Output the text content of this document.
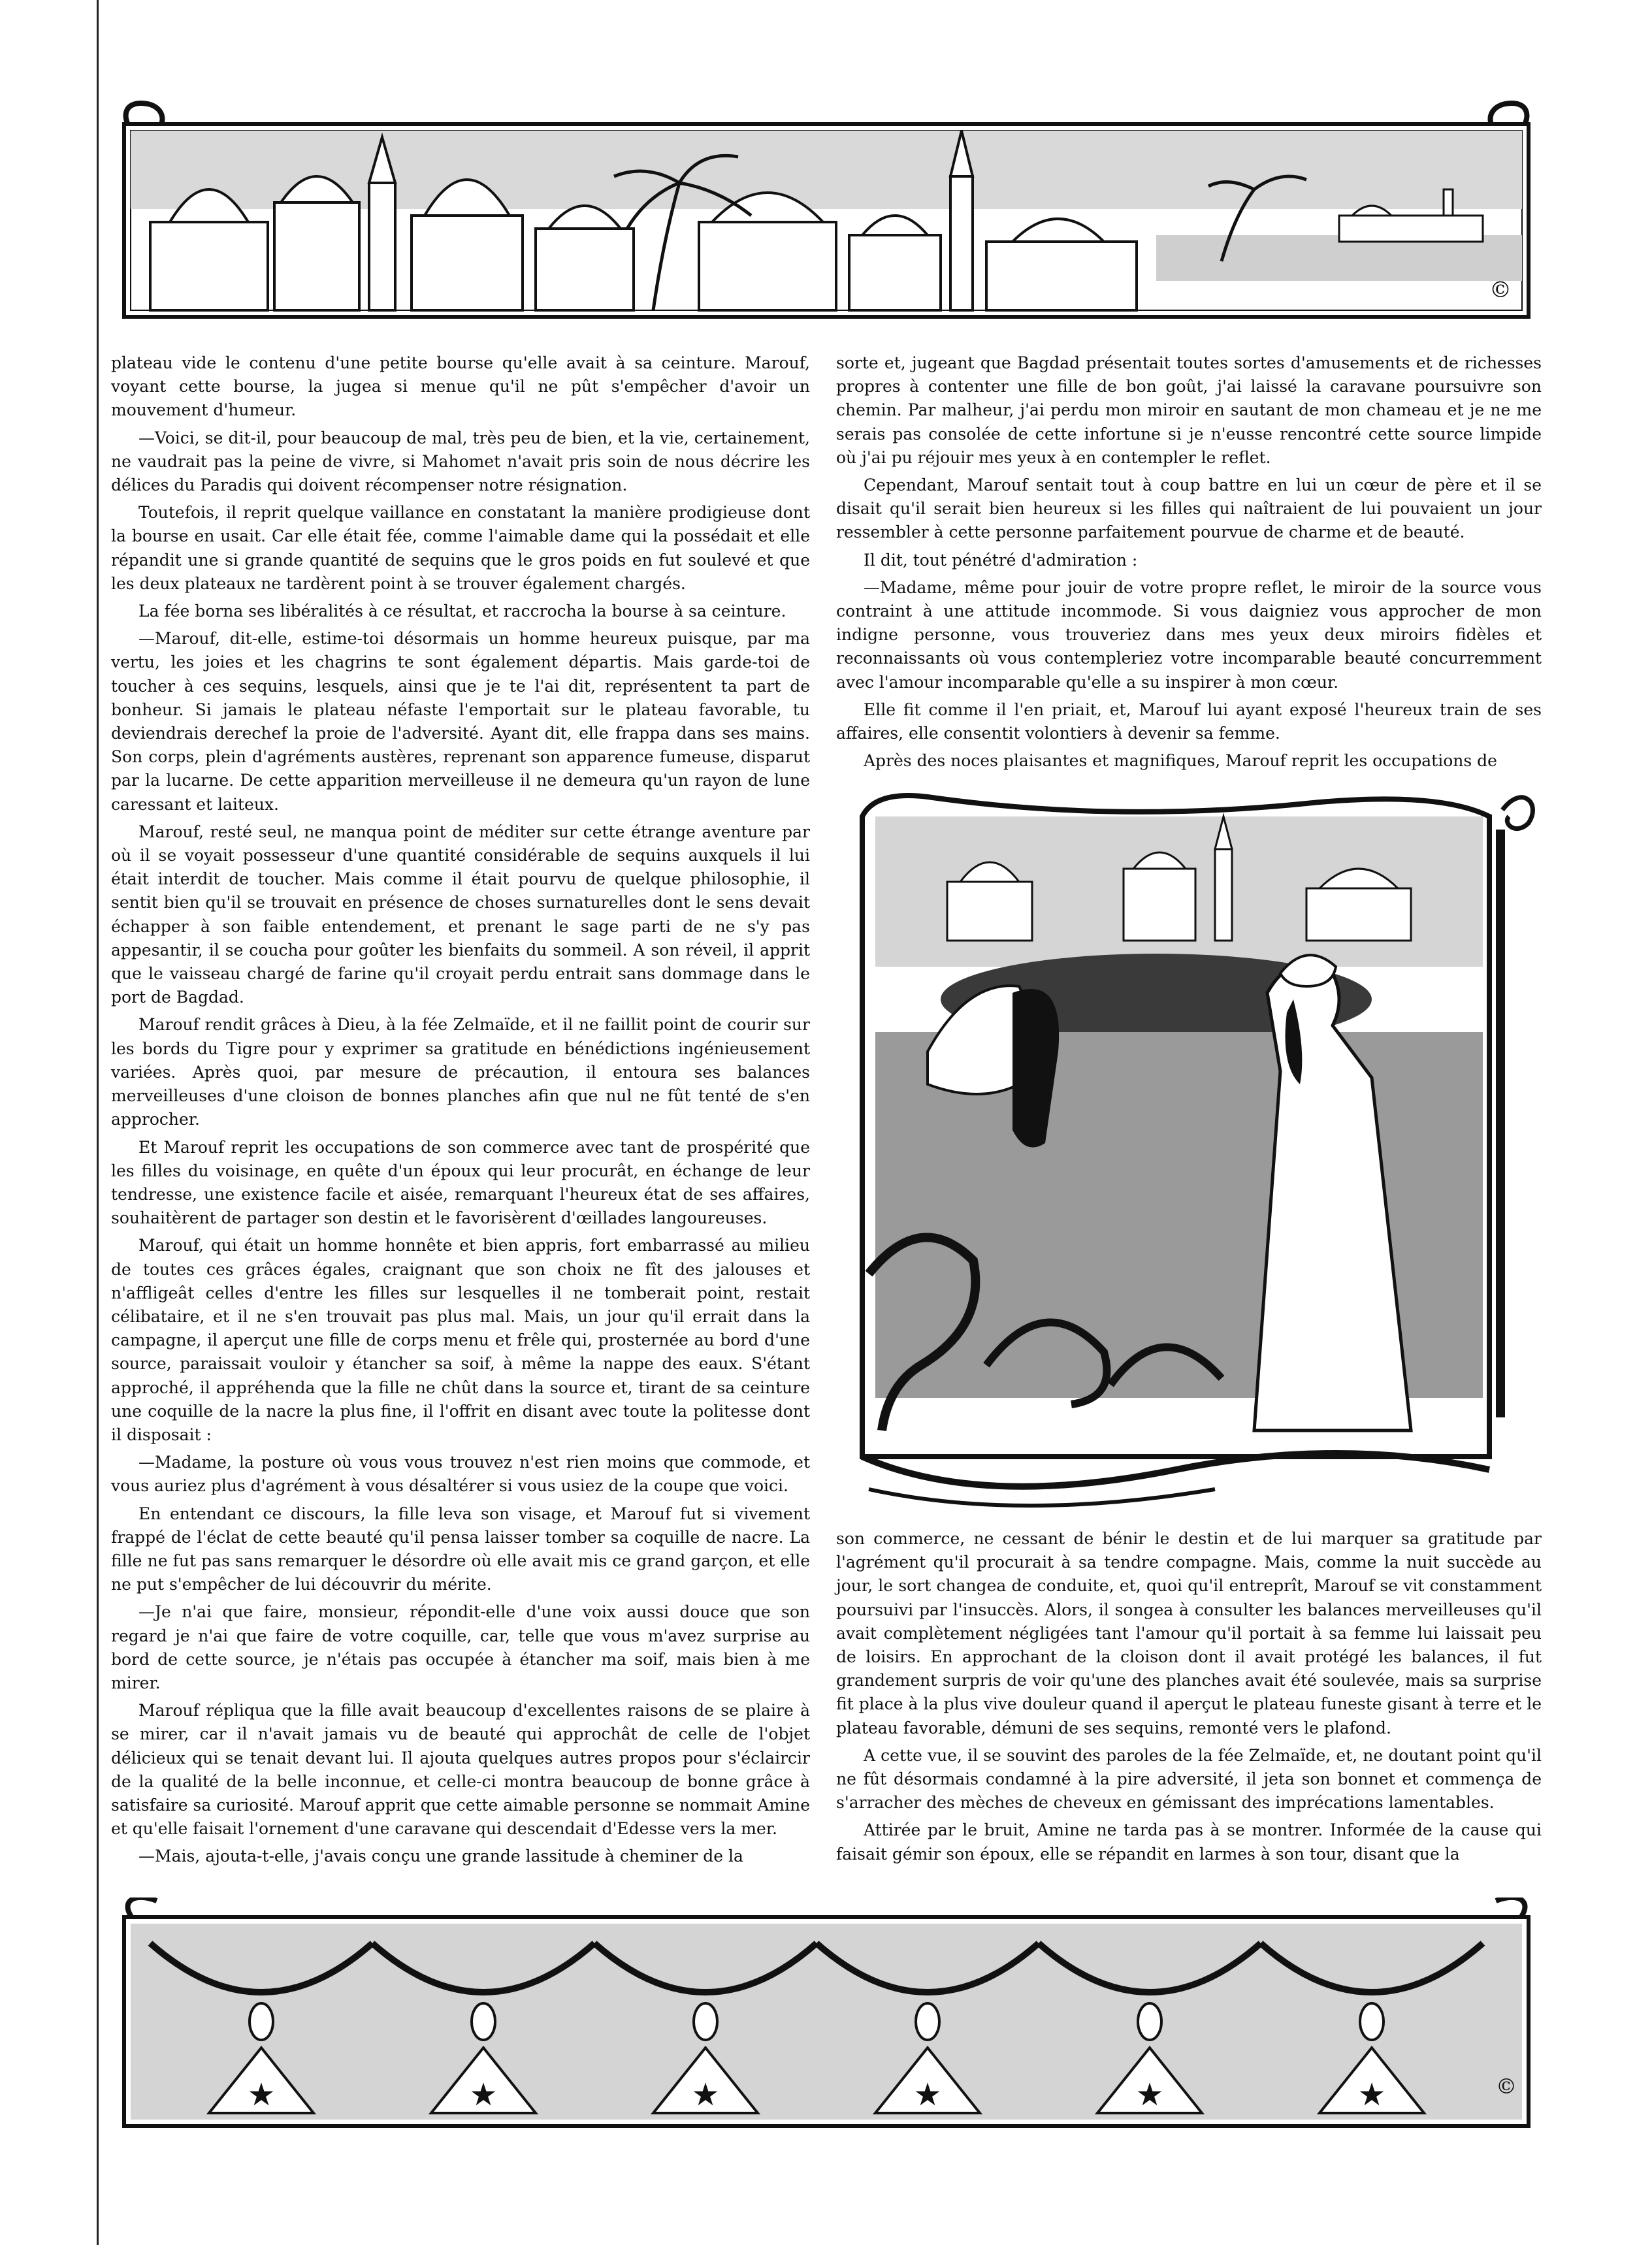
©

plateau vide le contenu d'une petite bourse qu'elle avait à sa ceinture. Marouf, voyant cette bourse, la jugea si menue qu'il ne pût s'empêcher d'avoir un mouvement d'humeur.

—Voici, se dit-il, pour beaucoup de mal, très peu de bien, et la vie, certainement, ne vaudrait pas la peine de vivre, si Mahomet n'avait pris soin de nous décrire les délices du Paradis qui doivent récompenser notre résignation.

Toutefois, il reprit quelque vaillance en constatant la manière prodigieuse dont la bourse en usait. Car elle était fée, comme l'aimable dame qui la possédait et elle répandit une si grande quantité de sequins que le gros poids en fut soulevé et que les deux plateaux ne tardèrent point à se trouver également chargés.

La fée borna ses libéralités à ce résultat, et raccrocha la bourse à sa ceinture.

—Marouf, dit-elle, estime-toi désormais un homme heureux puisque, par ma vertu, les joies et les chagrins te sont également départis. Mais garde-toi de toucher à ces sequins, lesquels, ainsi que je te l'ai dit, représentent ta part de bonheur. Si jamais le plateau néfaste l'emportait sur le plateau favorable, tu deviendrais derechef la proie de l'adversité. Ayant dit, elle frappa dans ses mains. Son corps, plein d'agréments austères, reprenant son apparence fumeuse, disparut par la lucarne. De cette apparition merveilleuse il ne demeura qu'un rayon de lune caressant et laiteux.

Marouf, resté seul, ne manqua point de méditer sur cette étrange aventure par où il se voyait possesseur d'une quantité considérable de sequins auxquels il lui était interdit de toucher. Mais comme il était pourvu de quelque philosophie, il sentit bien qu'il se trouvait en présence de choses surnaturelles dont le sens devait échapper à son faible entendement, et prenant le sage parti de ne s'y pas appesantir, il se coucha pour goûter les bienfaits du sommeil. A son réveil, il apprit que le vaisseau chargé de farine qu'il croyait perdu entrait sans dommage dans le port de Bagdad.

Marouf rendit grâces à Dieu, à la fée Zelmaïde, et il ne faillit point de courir sur les bords du Tigre pour y exprimer sa gratitude en bénédictions ingénieusement variées. Après quoi, par mesure de précaution, il entoura ses balances merveilleuses d'une cloison de bonnes planches afin que nul ne fût tenté de s'en approcher.

Et Marouf reprit les occupations de son commerce avec tant de prospérité que les filles du voisinage, en quête d'un époux qui leur procurât, en échange de leur tendresse, une existence facile et aisée, remarquant l'heureux état de ses affaires, souhaitèrent de partager son destin et le favorisèrent d'œillades langoureuses.

Marouf, qui était un homme honnête et bien appris, fort embarrassé au milieu de toutes ces grâces égales, craignant que son choix ne fît des jalouses et n'affligeât celles d'entre les filles sur lesquelles il ne tomberait point, restait célibataire, et il ne s'en trouvait pas plus mal. Mais, un jour qu'il errait dans la campagne, il aperçut une fille de corps menu et frêle qui, prosternée au bord d'une source, paraissait vouloir y étancher sa soif, à même la nappe des eaux. S'étant approché, il appréhenda que la fille ne chût dans la source et, tirant de sa ceinture une coquille de la nacre la plus fine, il l'offrit en disant avec toute la politesse dont il disposait :

—Madame, la posture où vous vous trouvez n'est rien moins que commode, et vous auriez plus d'agrément à vous désaltérer si vous usiez de la coupe que voici.

En entendant ce discours, la fille leva son visage, et Marouf fut si vivement frappé de l'éclat de cette beauté qu'il pensa laisser tomber sa coquille de nacre. La fille ne fut pas sans remarquer le désordre où elle avait mis ce grand garçon, et elle ne put s'empêcher de lui découvrir du mérite.

—Je n'ai que faire, monsieur, répondit-elle d'une voix aussi douce que son regard je n'ai que faire de votre coquille, car, telle que vous m'avez surprise au bord de cette source, je n'étais pas occupée à étancher ma soif, mais bien à me mirer.

Marouf répliqua que la fille avait beaucoup d'excellentes raisons de se plaire à se mirer, car il n'avait jamais vu de beauté qui approchât de celle de l'objet délicieux qui se tenait devant lui. Il ajouta quelques autres propos pour s'éclaircir de la qualité de la belle inconnue, et celle-ci montra beaucoup de bonne grâce à satisfaire sa curiosité. Marouf apprit que cette aimable personne se nommait Amine et qu'elle faisait l'ornement d'une caravane qui descendait d'Edesse vers la mer.

—Mais, ajouta-t-elle, j'avais conçu une grande lassitude à cheminer de la

sorte et, jugeant que Bagdad présentait toutes sortes d'amusements et de richesses propres à contenter une fille de bon goût, j'ai laissé la caravane poursuivre son chemin. Par malheur, j'ai perdu mon miroir en sautant de mon chameau et je ne me serais pas consolée de cette infortune si je n'eusse rencontré cette source limpide où j'ai pu réjouir mes yeux à en contempler le reflet.

Cependant, Marouf sentait tout à coup battre en lui un cœur de père et il se disait qu'il serait bien heureux si les filles qui naîtraient de lui pouvaient un jour ressembler à cette personne parfaitement pourvue de charme et de beauté.

Il dit, tout pénétré d'admiration :

—Madame, même pour jouir de votre propre reflet, le miroir de la source vous contraint à une attitude incommode. Si vous daigniez vous approcher de mon indigne personne, vous trouveriez dans mes yeux deux miroirs fidèles et reconnaissants où vous contempleriez votre incomparable beauté concurremment avec l'amour incomparable qu'elle a su inspirer à mon cœur.

Elle fit comme il l'en priait, et, Marouf lui ayant exposé l'heureux train de ses affaires, elle consentit volontiers à devenir sa femme.

Après des noces plaisantes et magnifiques, Marouf reprit les occupations de

son commerce, ne cessant de bénir le destin et de lui marquer sa gratitude par l'agrément qu'il procurait à sa tendre compagne. Mais, comme la nuit succède au jour, le sort changea de conduite, et, quoi qu'il entreprît, Marouf se vit constamment poursuivi par l'insuccès. Alors, il songea à consulter les balances merveilleuses qu'il avait complètement négligées tant l'amour qu'il portait à sa femme lui laissait peu de loisirs. En approchant de la cloison dont il avait protégé les balances, il fut grandement surpris de voir qu'une des planches avait été soulevée, mais sa surprise fit place à la plus vive douleur quand il aperçut le plateau funeste gisant à terre et le plateau favorable, démuni de ses sequins, remonté vers le plafond.

A cette vue, il se souvint des paroles de la fée Zelmaïde, et, ne doutant point qu'il ne fût désormais condamné à la pire adversité, il jeta son bonnet et commença de s'arracher des mèches de cheveux en gémissant des imprécations lamentables.

Attirée par le bruit, Amine ne tarda pas à se montrer. Informée de la cause qui faisait gémir son époux, elle se répandit en larmes à son tour, disant que la

★	★	★	★	★	★	©
